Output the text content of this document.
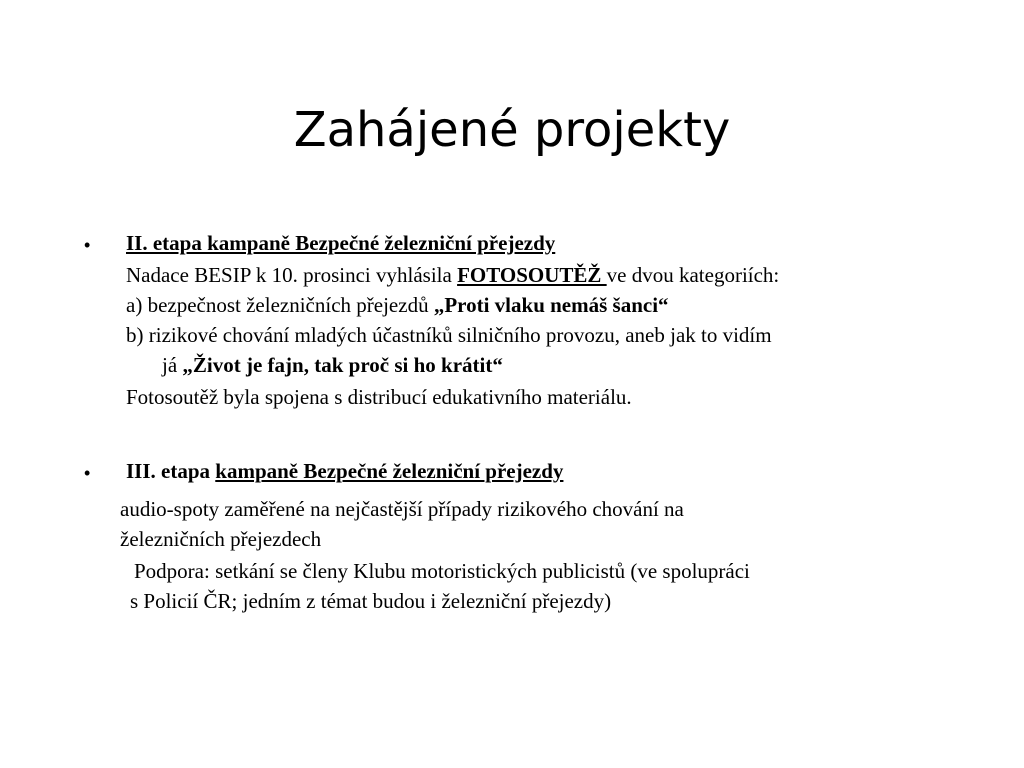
Zahájené projekty
• II. etapa kampaně Bezpečné železniční přejezdy
Nadace BESIP k 10. prosinci vyhlásila FOTOSOUTĚŽ ve dvou kategoriích:
a) bezpečnost železničních přejezdů „Proti vlaku nemáš šanci“
b) rizikové chování mladých účastníků silničního provozu, aneb jak to vidím
já „Život je fajn, tak proč si ho krátit“
Fotosoutěž byla spojena s distribucí edukativního materiálu.
• III. etapa kampaně Bezpečné železniční přejezdy
audio-spoty zaměřené na nejčastější případy rizikového chování na
železničních přejezdech
Podpora: setkání se členy Klubu motoristických publicistů (ve spolupráci
s Policií ČR; jedním z témat budou i železniční přejezdy)
